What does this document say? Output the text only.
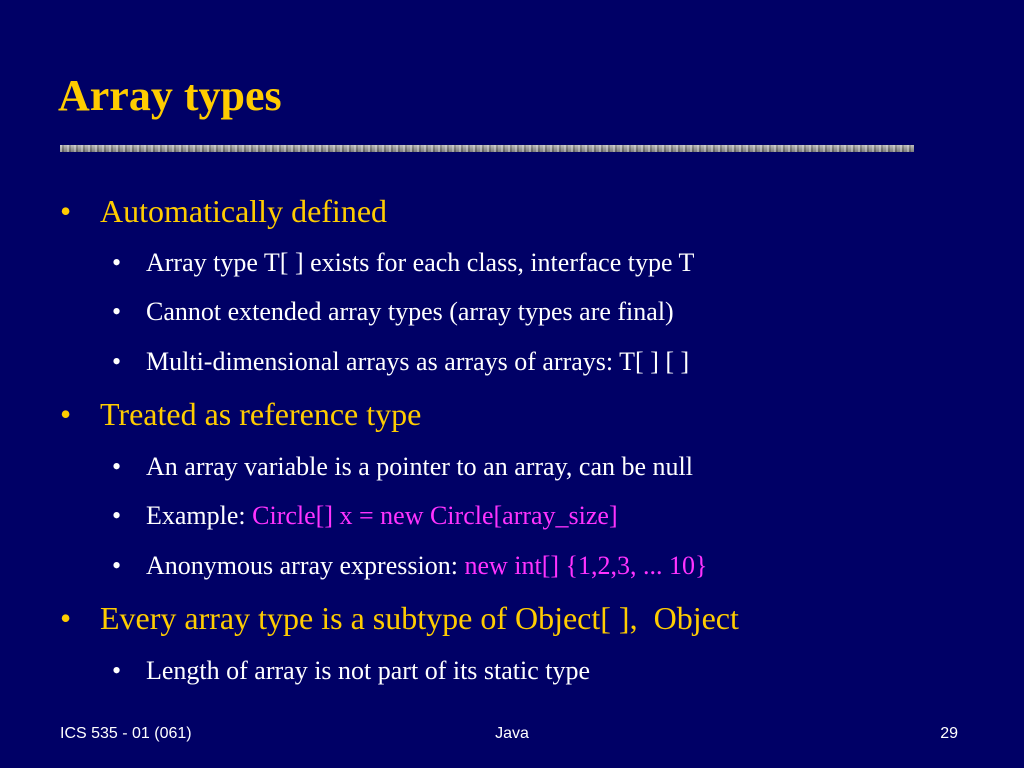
Array types
• Automatically defined
• Array type T[ ] exists for each class, interface type T
• Cannot extended array types (array types are final)
• Multi-dimensional arrays as arrays of arrays: T[ ] [ ]
• Treated as reference type
• An array variable is a pointer to an array, can be null
• Example: Circle[] x = new Circle[array_size]
• Anonymous array expression: new int[] {1,2,3, ... 10}
• Every array type is a subtype of Object[ ],  Object
• Length of array is not part of its static type
ICS 535 - 01 (061)	Java	29
